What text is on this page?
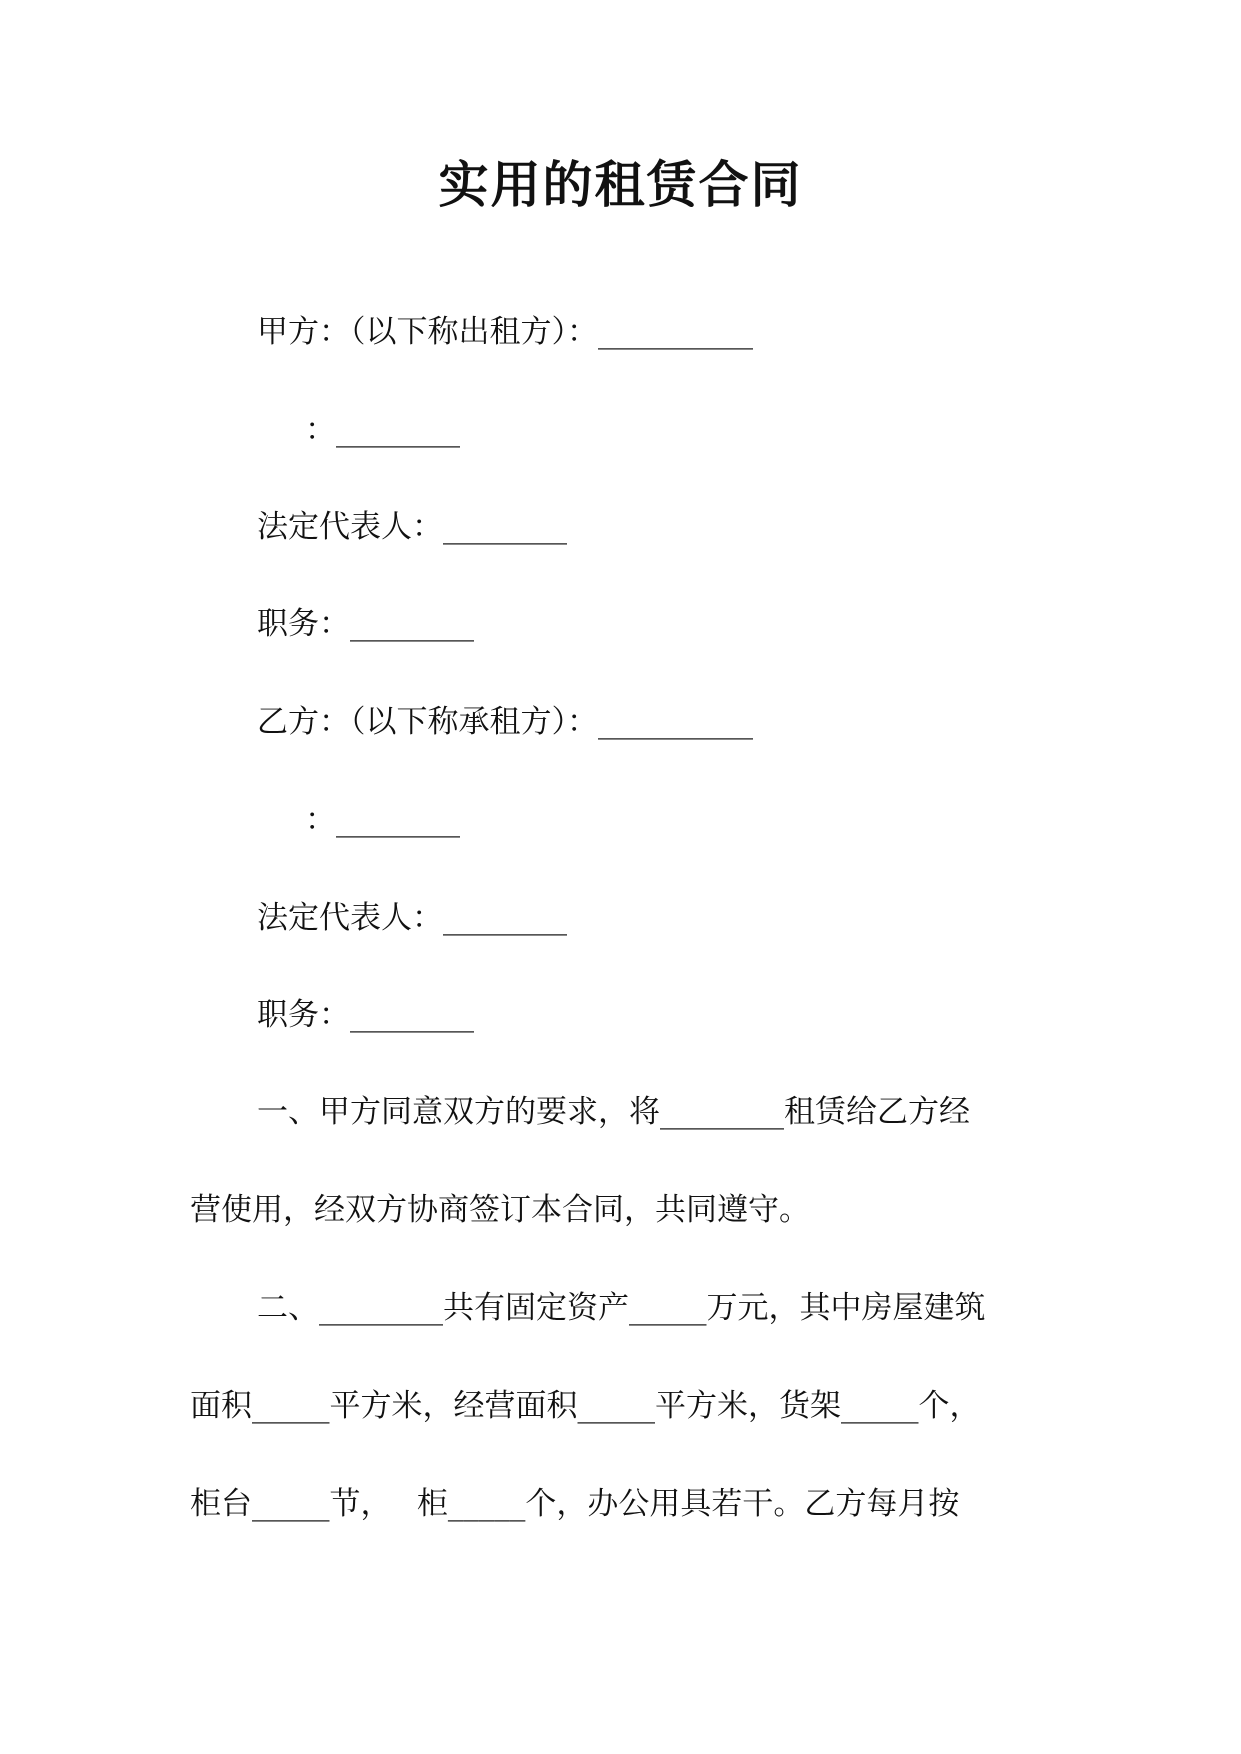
实用的租赁合同

甲方：（以下称出租方）：__________

：________

法定代表人：________

职务：________

乙方：（以下称承租方）：__________

：________

法定代表人：________

职务：________

一、甲方同意双方的要求，将________租赁给乙方经

营使用，经双方协商签订本合同，共同遵守。

二、________共有固定资产_____万元，其中房屋建筑

面积_____平方米，经营面积_____平方米，货架_____个，

柜台_____节，　 柜_____个，办公用具若干。乙方每月按
